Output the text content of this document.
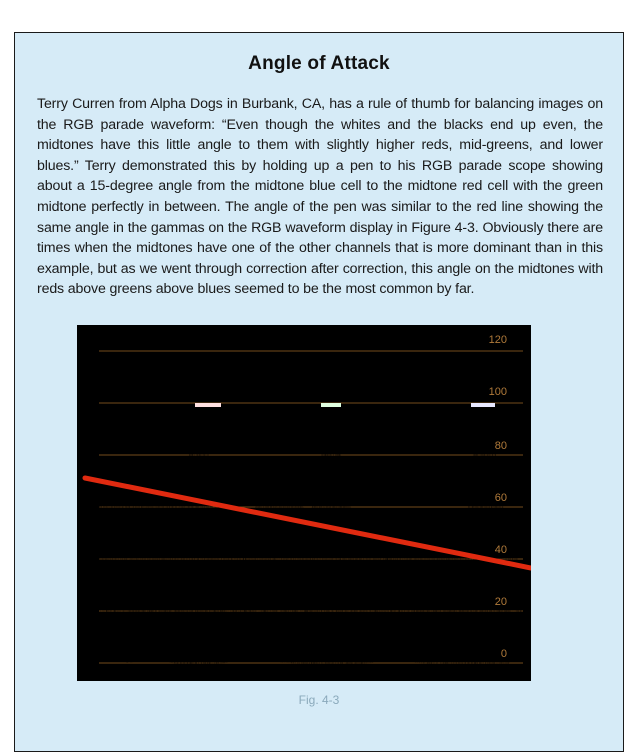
Angle of Attack

Terry Curren from Alpha Dogs in Burbank, CA, has a rule of thumb for balancing images on the RGB parade waveform: “Even though the whites and the blacks end up even, the midtones have this little angle to them with slightly higher reds, mid-greens, and lower blues.” Terry demonstrated this by holding up a pen to his RGB parade scope showing about a 15-degree angle from the midtone blue cell to the midtone red cell with the green midtone perfectly in between. The angle of the pen was similar to the red line showing the same angle in the gammas on the RGB waveform display in Figure 4-3. Obviously there are times when the midtones have one of the other channels that is more dominant than in this example, but as we went through correction after correction, this angle on the midtones with reds above greens above blues seemed to be the most common by far.

120
100
80
60
40
20
0

Fig. 4-3
